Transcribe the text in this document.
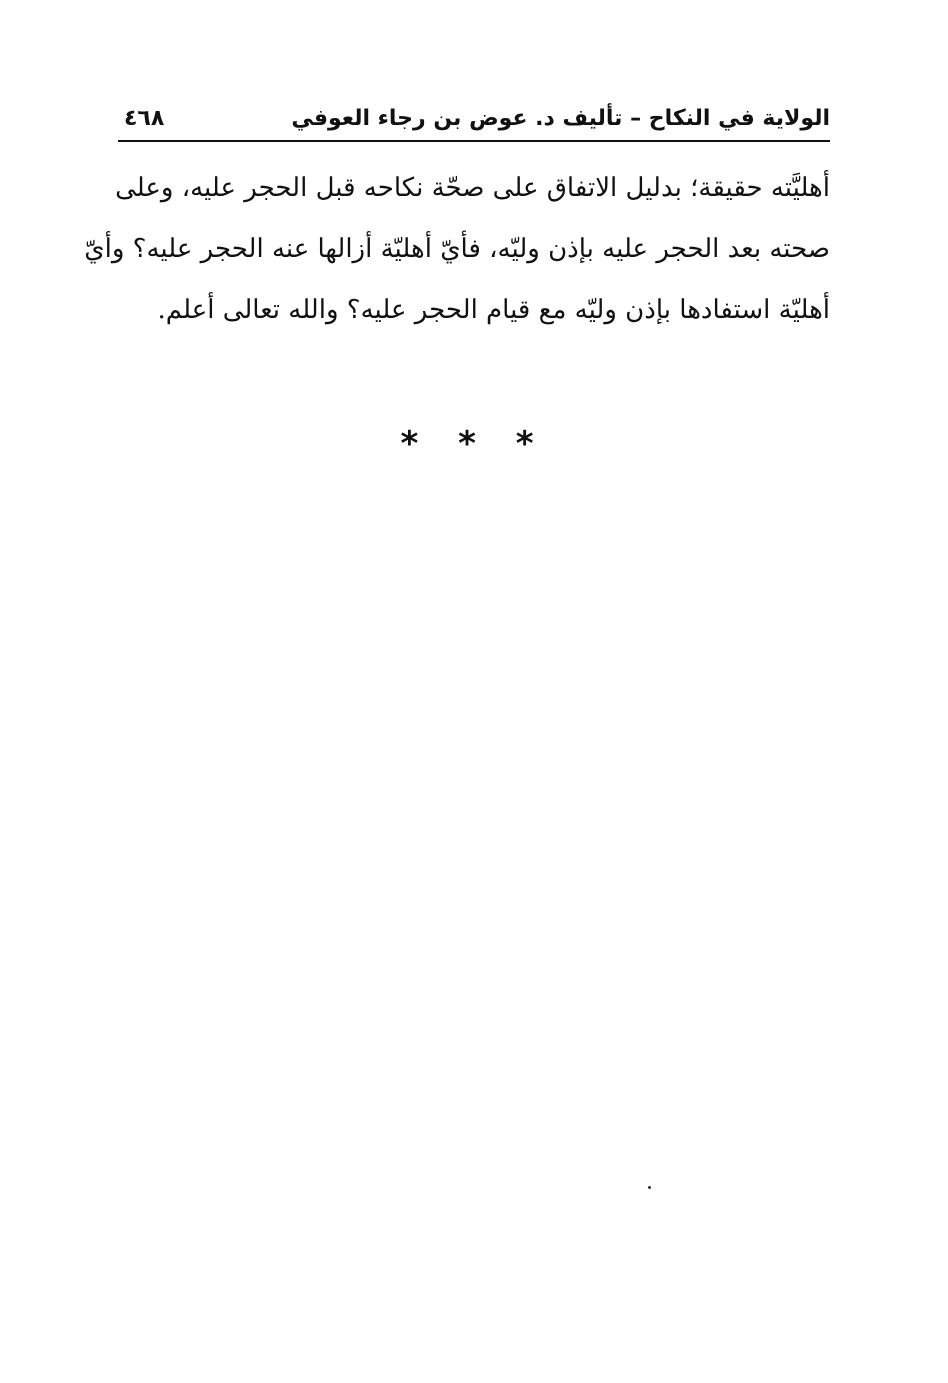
الولاية في النكاح – تأليف د. عوض بن رجاء العوفي
٤٦٨
أهليَّته حقيقة؛ بدليل الاتفاق على صحّة نكاحه قبل الحجر عليه، وعلى
صحته بعد الحجر عليه بإذن وليّه، فأيّ أهليّة أزالها عنه الحجر عليه؟ وأيّ
أهليّة استفادها بإذن وليّه مع قيام الحجر عليه؟ والله تعالى أعلم.
* * *
